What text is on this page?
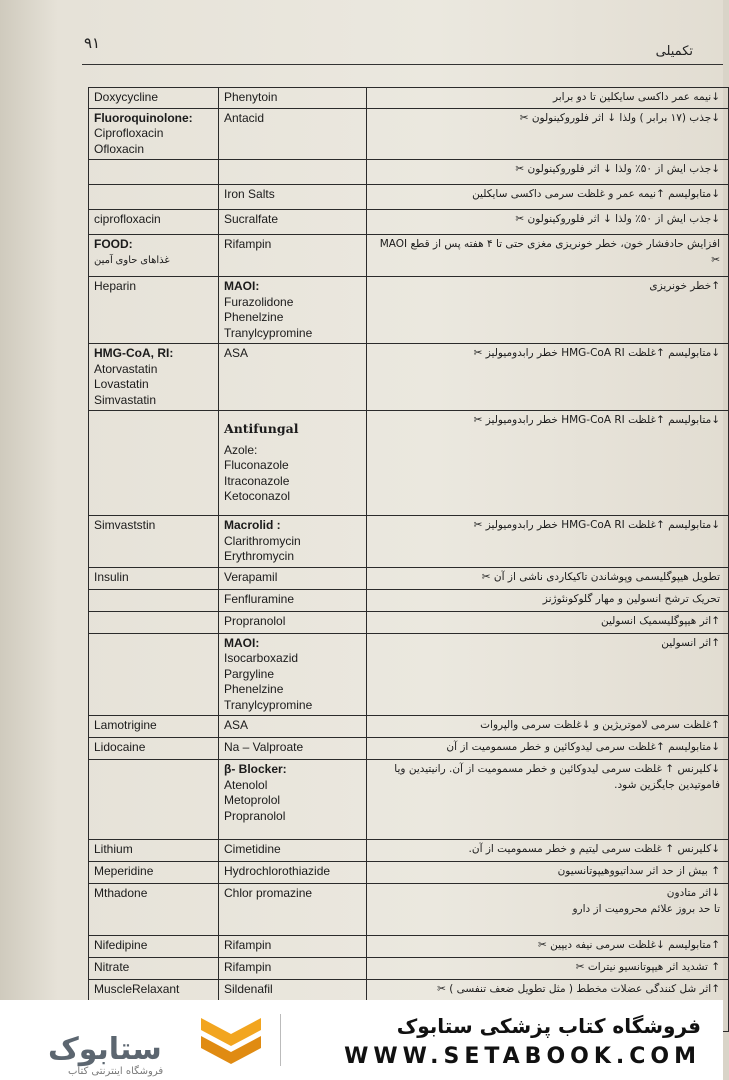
۹۱	تکمیلی
Doxycycline	Phenytoin	↓نیمه عمر داکسی سایکلین تا دو برابر

Fluoroquinolone:
Ciprofloxacin
Ofloxacin	Antacid	↓جذب (۱۷ برابر ) ولذا ↓ اثر فلوروکینولون ✂

		↓جذب ایش از ۵۰٪ ولذا ↓ اثر فلوروکینولون ✂

	Iron Salts	↓متابولیسم ↑نیمه عمر و غلظت سرمی داکسی سایکلین

ciprofloxacin	Sucralfate	↓جذب ایش از ۵۰٪ ولذا ↓ اثر فلوروکینولون ✂

FOOD:
غذاهای حاوی آمین	Rifampin	افزایش حادفشار خون، خطر خونریزی مغزی حتی تا ۴ هفته پس از قطع MAOI
✂

Heparin	MAOI:
Furazolidone
Phenelzine
Tranylcypromine	↑خطر خونریزی

HMG-CoA, RI:
Atorvastatin
Lovastatin
Simvastatin	ASA	↓متابولیسم ↑غلظت HMG-CoA RI خطر رابدومیولیز ✂

	Antifungal
Azole:
Fluconazole
Itraconazole
Ketoconazol	↓متابولیسم ↑غلظت HMG-CoA RI خطر رابدومیولیز ✂

Simvaststin	Macrolid :
Clarithromycin
Erythromycin	↓متابولیسم ↑غلظت HMG-CoA RI خطر رابدومیولیز ✂

Insulin	Verapamil	تطویل هیپوگلیسمی وپوشاندن تاکیکاردی ناشی از آن ✂

	Fenfluramine	تحریک ترشح انسولین و مهار گلوکونئوژنز

	Propranolol	↑اثر هیپوگلیسمیک انسولین

	MAOI:
Isocarboxazid
Pargyline
Phenelzine
Tranylcypromine	↑اثر انسولین

Lamotrigine	ASA	↑غلظت سرمی لاموتریژین و ↓غلظت سرمی والپروات

Lidocaine	Na – Valproate	↓متابولیسم ↑غلظت سرمی لیدوکائین و خطر مسمومیت از آن

	β- Blocker:
Atenolol
Metoprolol
Propranolol	↓کلیرنس ↑ غلظت سرمی لیدوکائین و خطر مسمومیت از آن. رانیتیدین ویا
فاموتیدین جایگزین شود.

Lithium	Cimetidine	↓کلیرنس ↑ غلظت سرمی لیتیم و خطر مسمومیت از آن.

Meperidine	Hydrochlorothiazide	↑ بیش از حد اثر سداتیووهیپوتانسیون

Mthadone	Chlor promazine	↓اثر متادون
تا حد بروز علائم محرومیت از دارو

Nifedipine	Rifampin	↑متابولیسم ↓غلظت سرمی نیفه دیپین ✂

Nitrate	Rifampin	↑ تشدید اثر هیپوتانسیو نیترات ✂

MuscleRelaxant	Sildenafil	↑اثر شل کنندگی عضلات مخطط ( مثل تطویل ضعف تنفسی ) ✂
ستابوک
فروشگاه اینترنتی کتاب
فروشگاه کتاب پزشکی ستابوک
WWW.SETABOOK.COM
